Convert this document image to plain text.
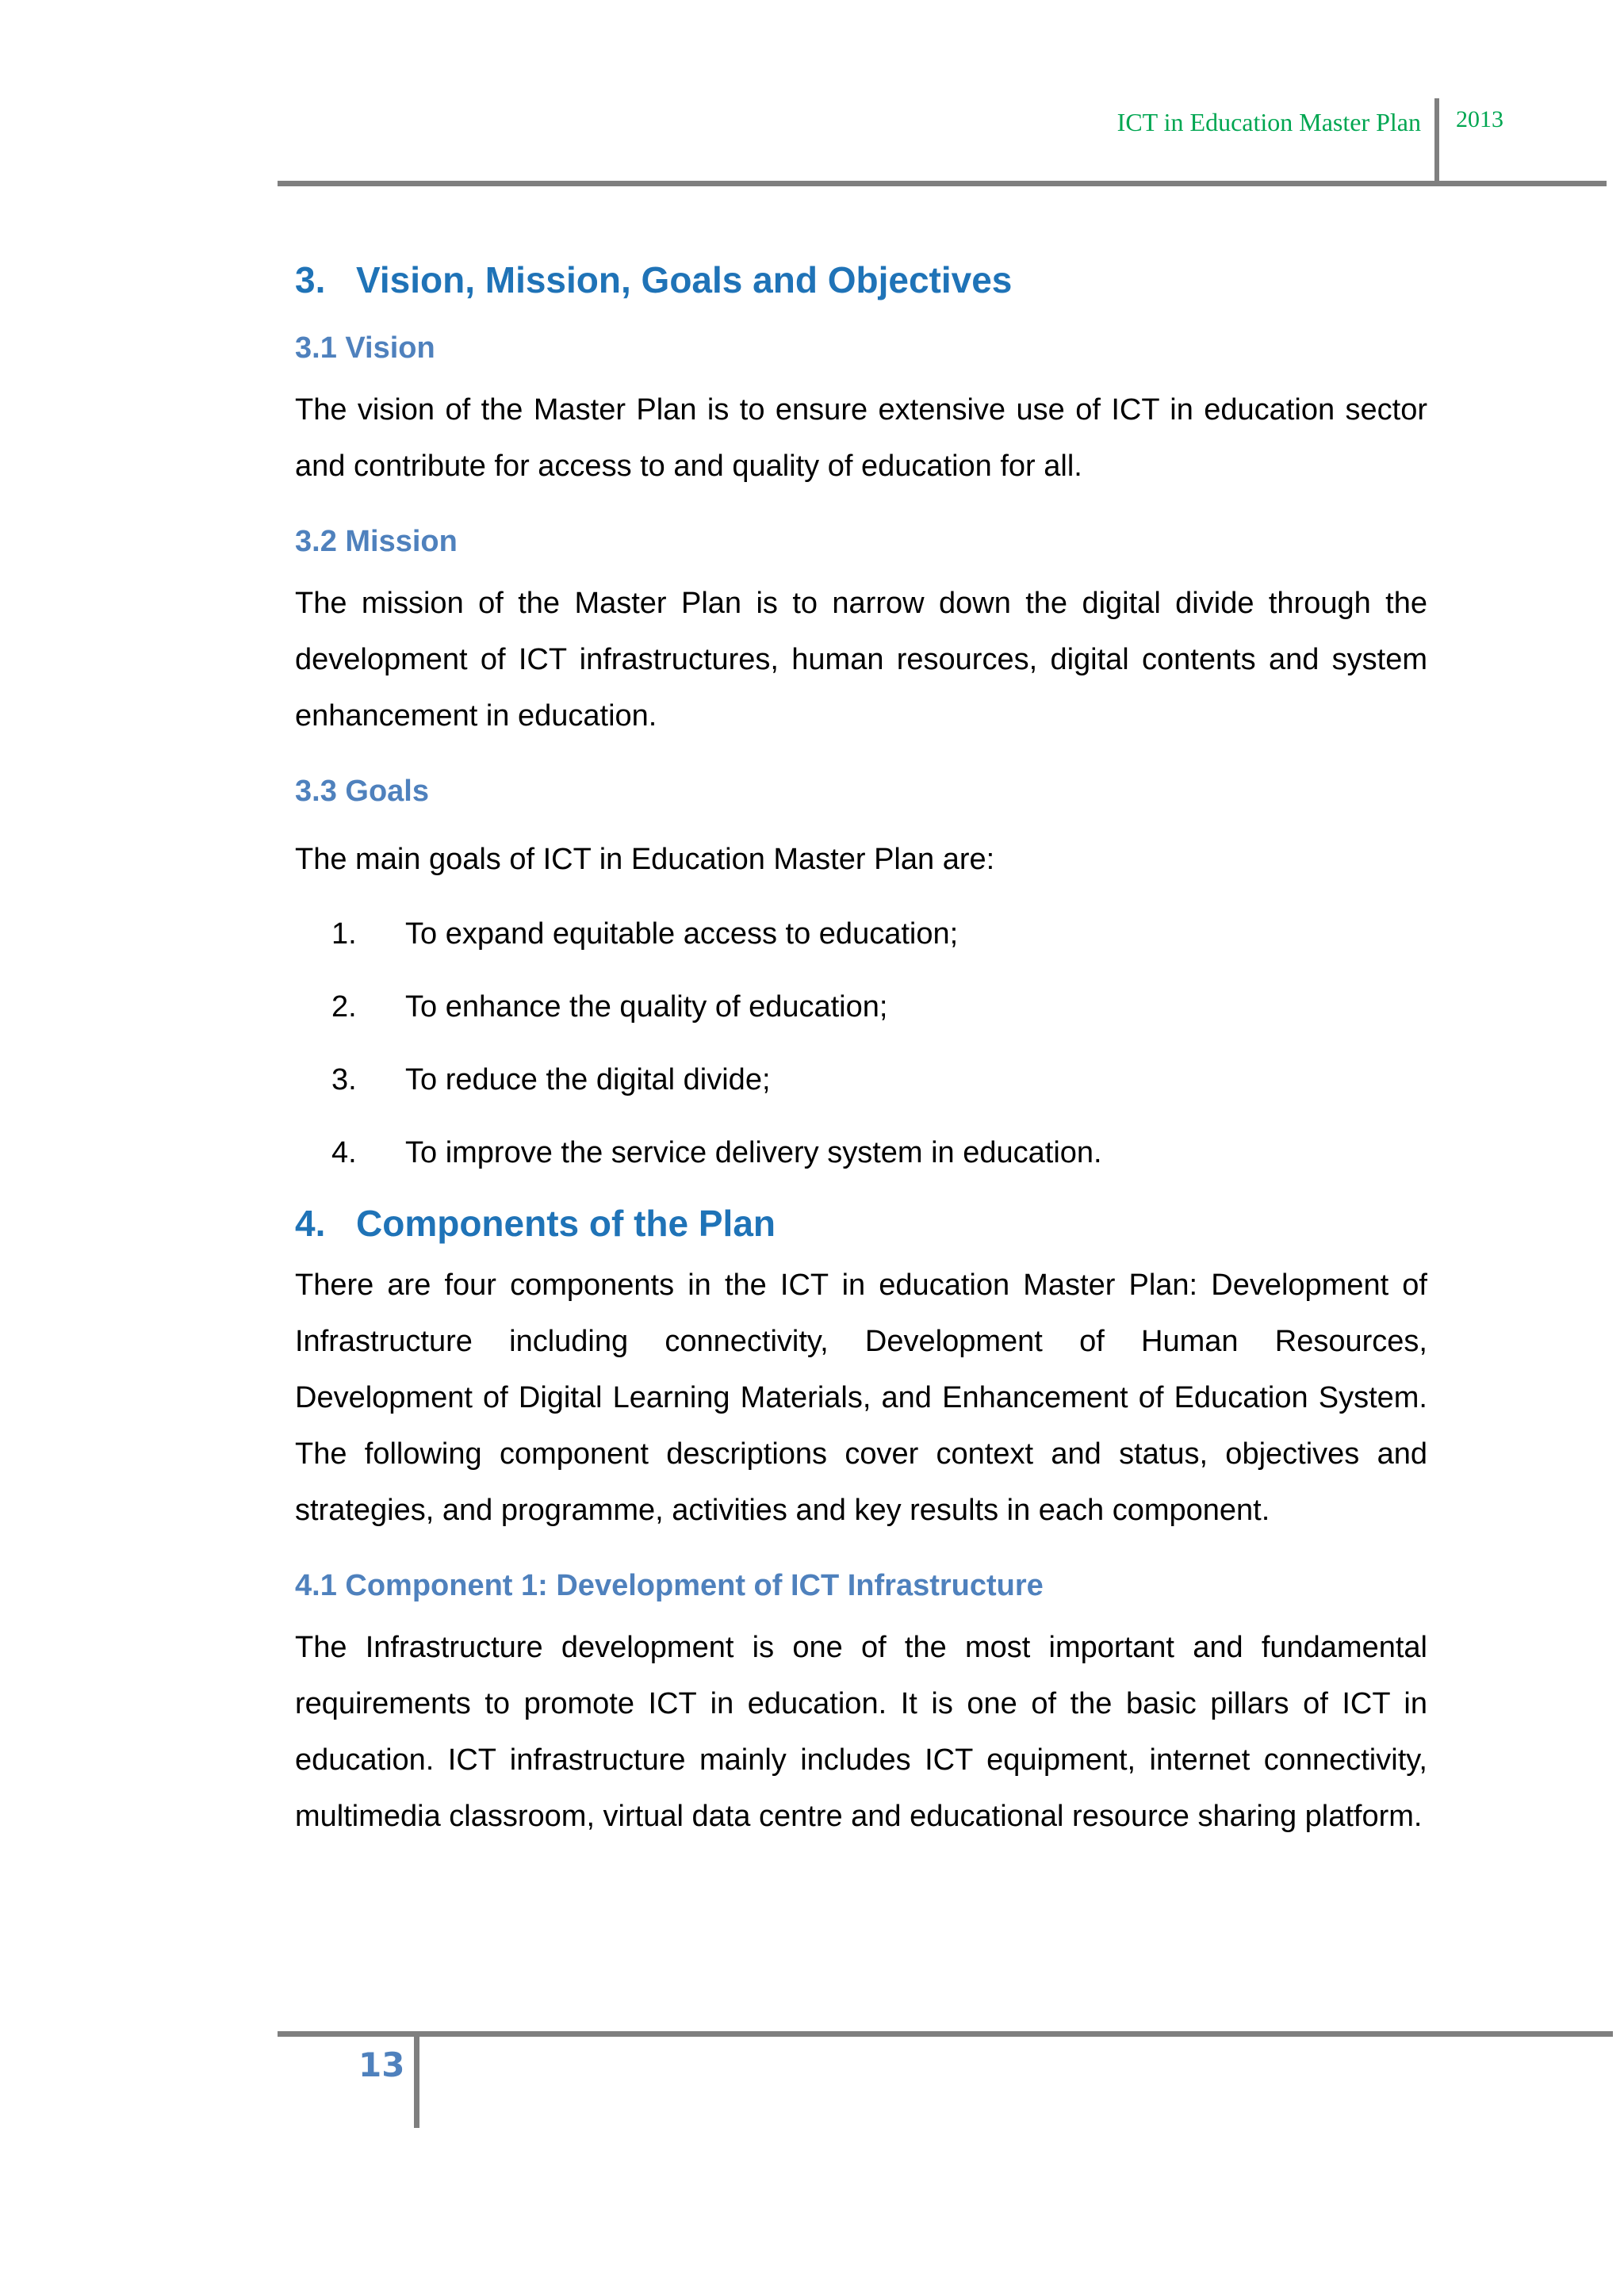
ICT in Education Master Plan 2013
3. Vision, Mission, Goals and Objectives
3.1 Vision

The vision of the Master Plan is to ensure extensive use of ICT in education sector and contribute for access to and quality of education for all.

3.2 Mission

The mission of the Master Plan is to narrow down the digital divide through the development of ICT infrastructures, human resources, digital contents and system enhancement in education.

3.3 Goals

The main goals of ICT in Education Master Plan are:

1. To expand equitable access to education;
2. To enhance the quality of education;
3. To reduce the digital divide;
4. To improve the service delivery system in education.
4. Components of the Plan

There are four components in the ICT in education Master Plan: Development of Infrastructure including connectivity, Development of Human Resources, Development of Digital Learning Materials, and Enhancement of Education System. The following component descriptions cover context and status, objectives and strategies, and programme, activities and key results in each component.

4.1 Component 1: Development of ICT Infrastructure

The Infrastructure development is one of the most important and fundamental requirements to promote ICT in education. It is one of the basic pillars of ICT in education. ICT infrastructure mainly includes ICT equipment, internet connectivity, multimedia classroom, virtual data centre and educational resource sharing platform.

13
